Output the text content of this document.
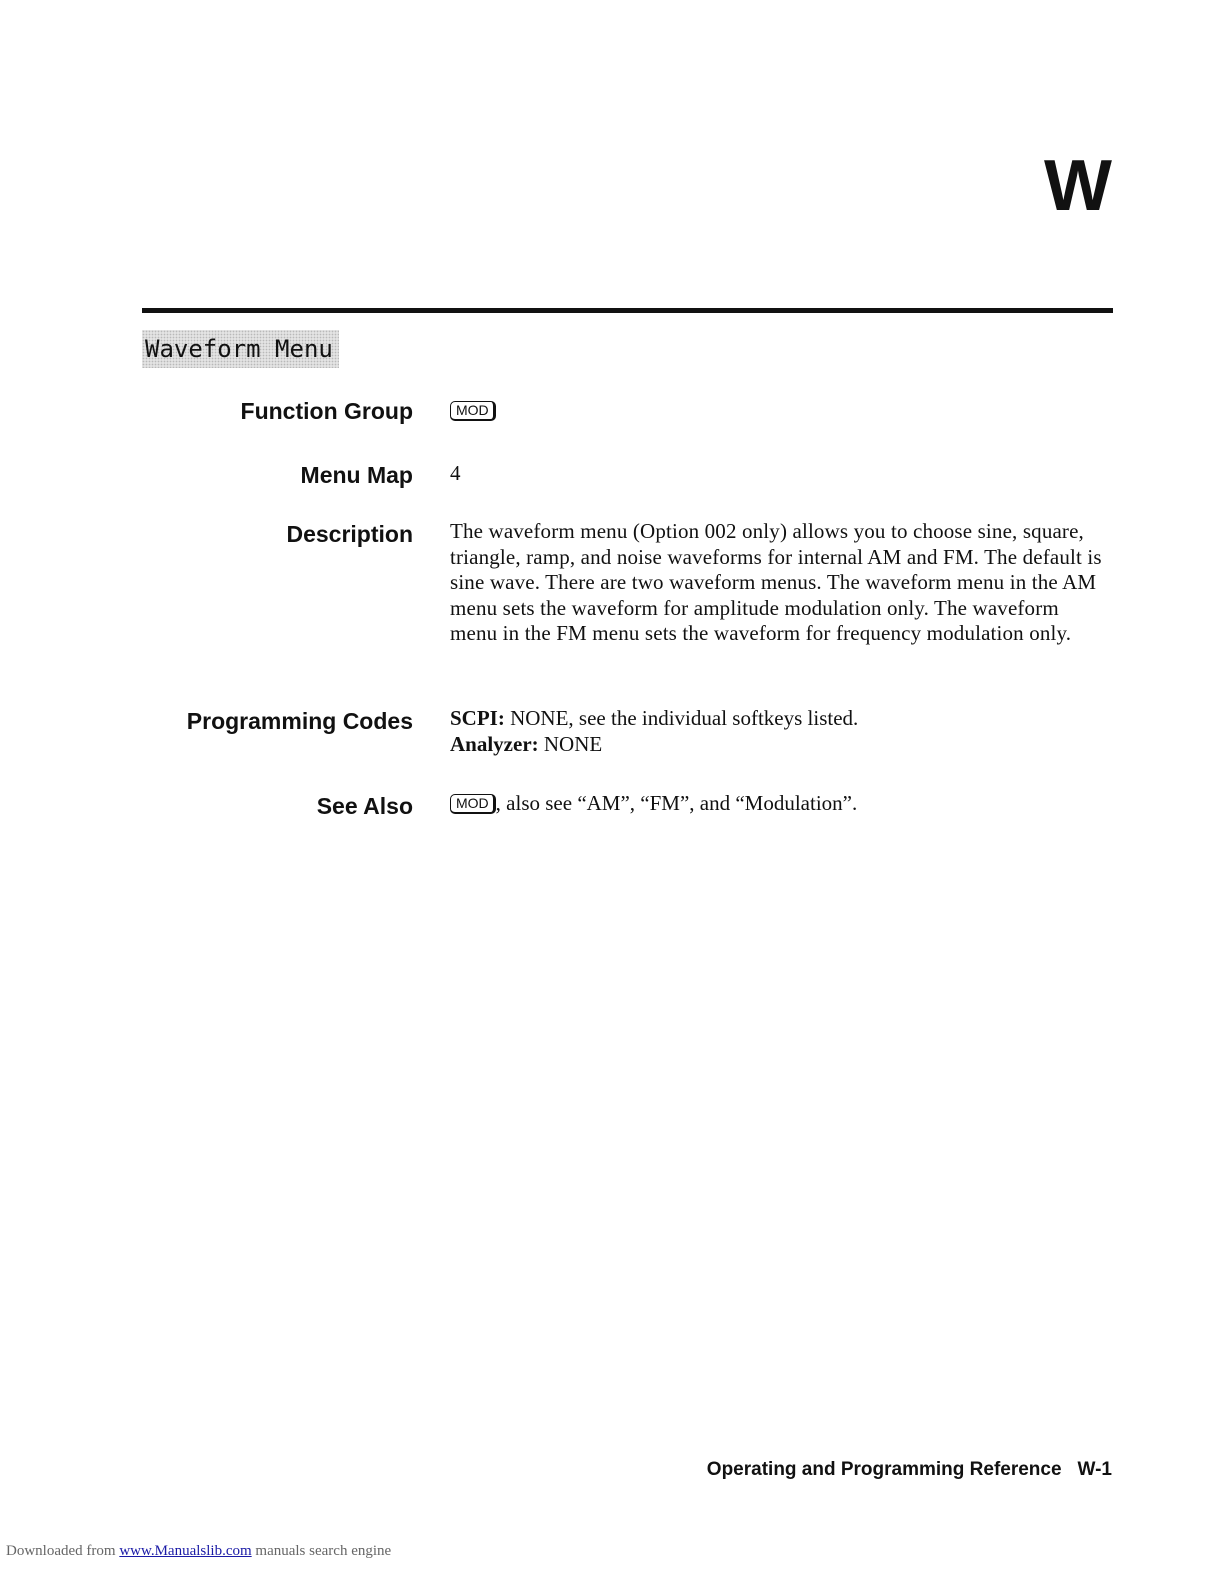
W
Waveform Menu
Function Group	MOD
Menu Map 4
Description The waveform menu (Option 002 only) allows you to choose sine, square, triangle, ramp, and noise waveforms for internal AM and FM. The default is sine wave. There are two waveform menus. The waveform menu in the AM menu sets the waveform for amplitude modulation only. The waveform menu in the FM menu sets the waveform for frequency modulation only.

Programming Codes SCPI: NONE, see the individual softkeys listed.
Analyzer: NONE
See Also	MOD , also see “AM”, “FM”, and “Modulation”.
Operating and Programming Reference W-1
Downloaded from www.Manualslib.com manuals search engine
